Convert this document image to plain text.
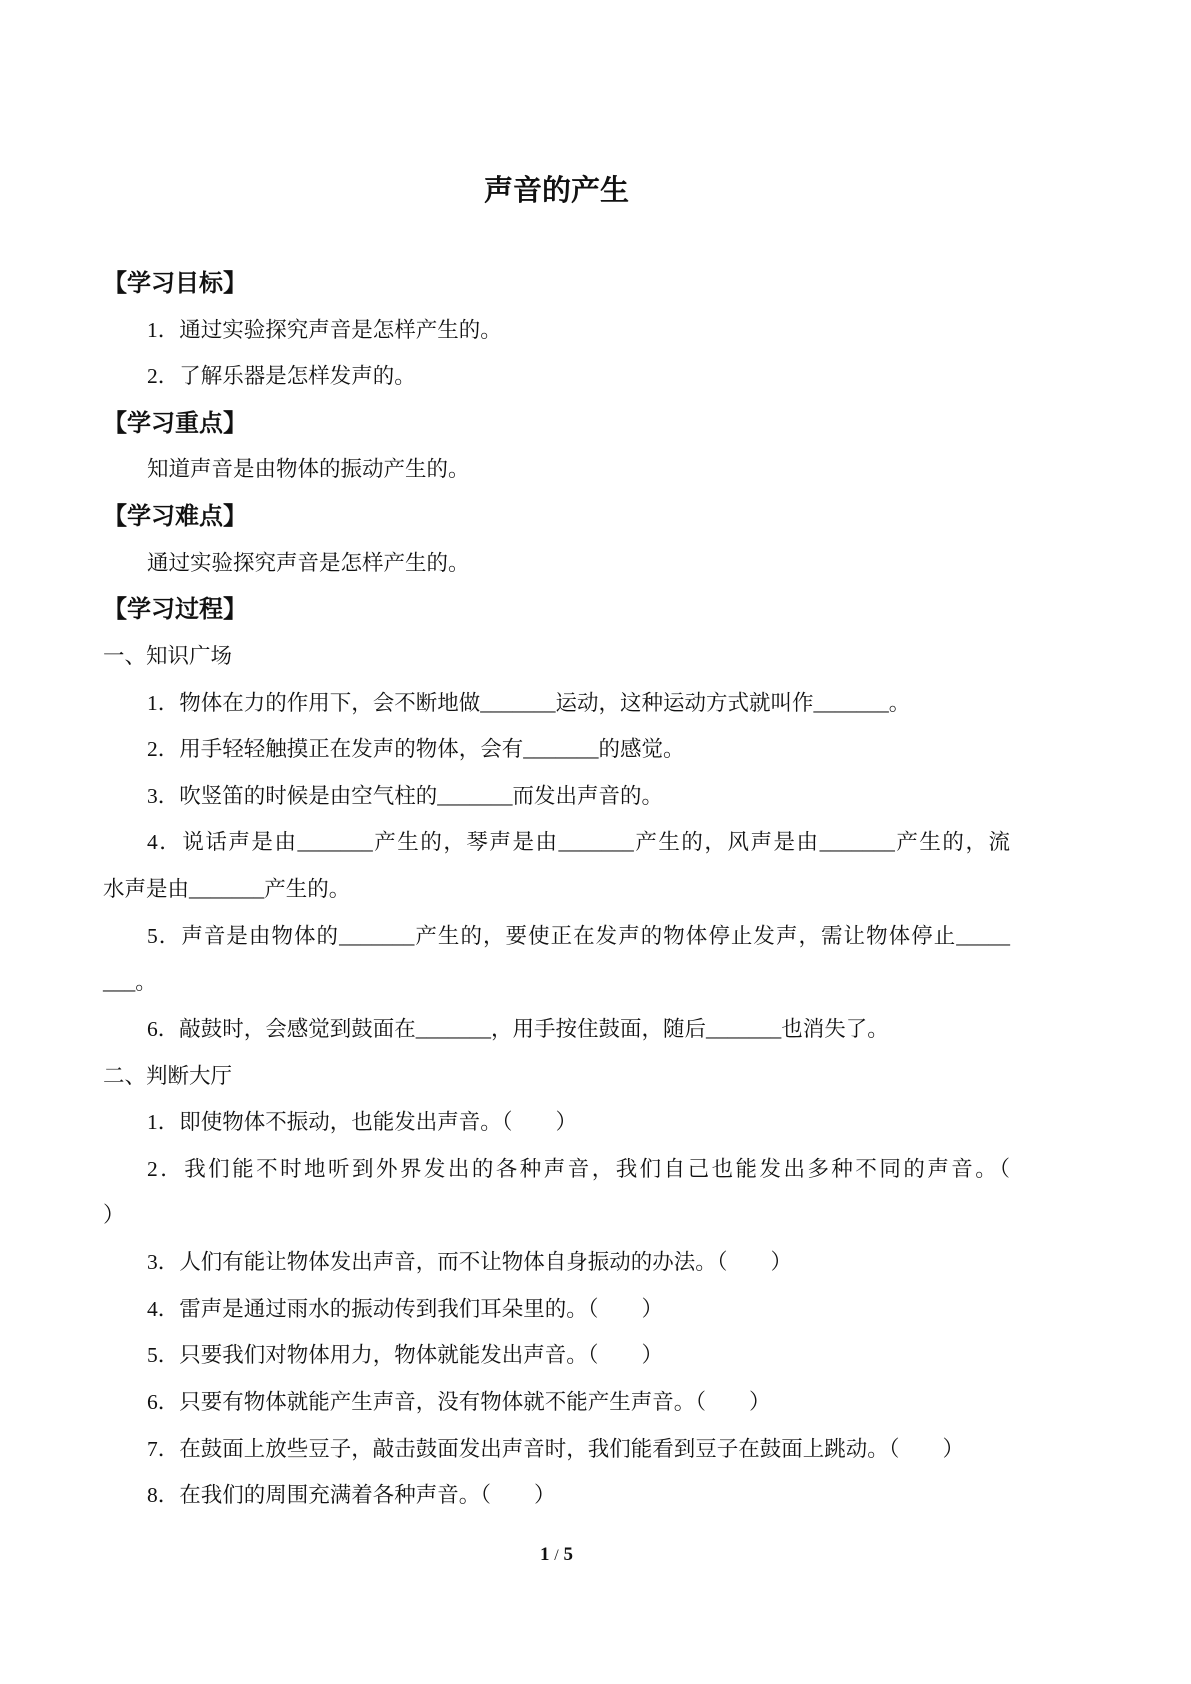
声音的产生
【学习目标】
1．通过实验探究声音是怎样产生的。
2．了解乐器是怎样发声的。
【学习重点】
知道声音是由物体的振动产生的。
【学习难点】
通过实验探究声音是怎样产生的。
【学习过程】
一、知识广场
1．物体在力的作用下，会不断地做_______运动，这种运动方式就叫作_______。
2．用手轻轻触摸正在发声的物体，会有_______的感觉。
3．吹竖笛的时候是由空气柱的_______而发出声音的。
4．说话声是由_______产生的，琴声是由_______产生的，风声是由_______产生的，流
水声是由_______产生的。
5．声音是由物体的_______产生的，要使正在发声的物体停止发声，需让物体停止_____
___。
6．敲鼓时，会感觉到鼓面在_______，用手按住鼓面，随后_______也消失了。
二、判断大厅
1．即使物体不振动，也能发出声音。（　　）
2．我们能不时地听到外界发出的各种声音，我们自己也能发出多种不同的声音。（
）
3．人们有能让物体发出声音，而不让物体自身振动的办法。（　　）
4．雷声是通过雨水的振动传到我们耳朵里的。（　　）
5．只要我们对物体用力，物体就能发出声音。（　　）
6．只要有物体就能产生声音，没有物体就不能产生声音。（　　）
7．在鼓面上放些豆子，敲击鼓面发出声音时，我们能看到豆子在鼓面上跳动。（　　）
8．在我们的周围充满着各种声音。（　　）
1 / 5
